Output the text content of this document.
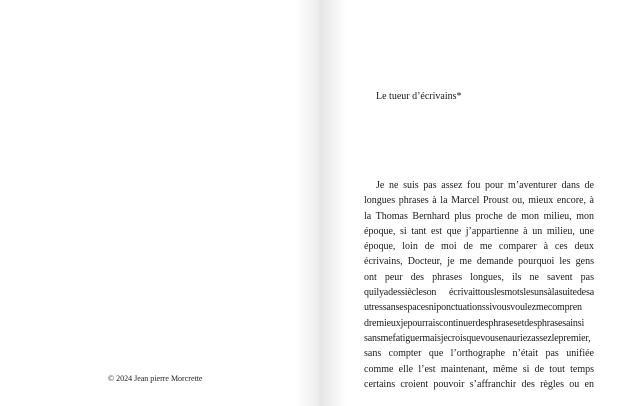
© 2024 Jean pierre Morcrette
Le tueur d’écrivains*
Je ne suis pas assez fou pour m’aventurer dans de
longues phrases à la Marcel Proust ou, mieux encore, à
la Thomas Bernhard plus proche de mon milieu, mon
époque, si tant est que j’appartienne à un milieu, une
époque, loin de moi de me comparer à ces deux
écrivains, Docteur, je me demande pourquoi les gens
ont peur des phrases longues, ils ne savent pas
quilyadessiècleson écrivaittouslesmotslesunsàlasuitedesa
utressansespacesniponctuationssivousvoulezmecompren
dremieuxjepourraiscontinuerdesphrasesetdesphrasesainsi
sansmefatiguermaisjecroisquevousenauriezassezlepremier,
sans compter que l’orthographe n’était pas unifiée
comme elle l’est maintenant, même si de tout temps
certains croient pouvoir s’affranchir des règles ou en
